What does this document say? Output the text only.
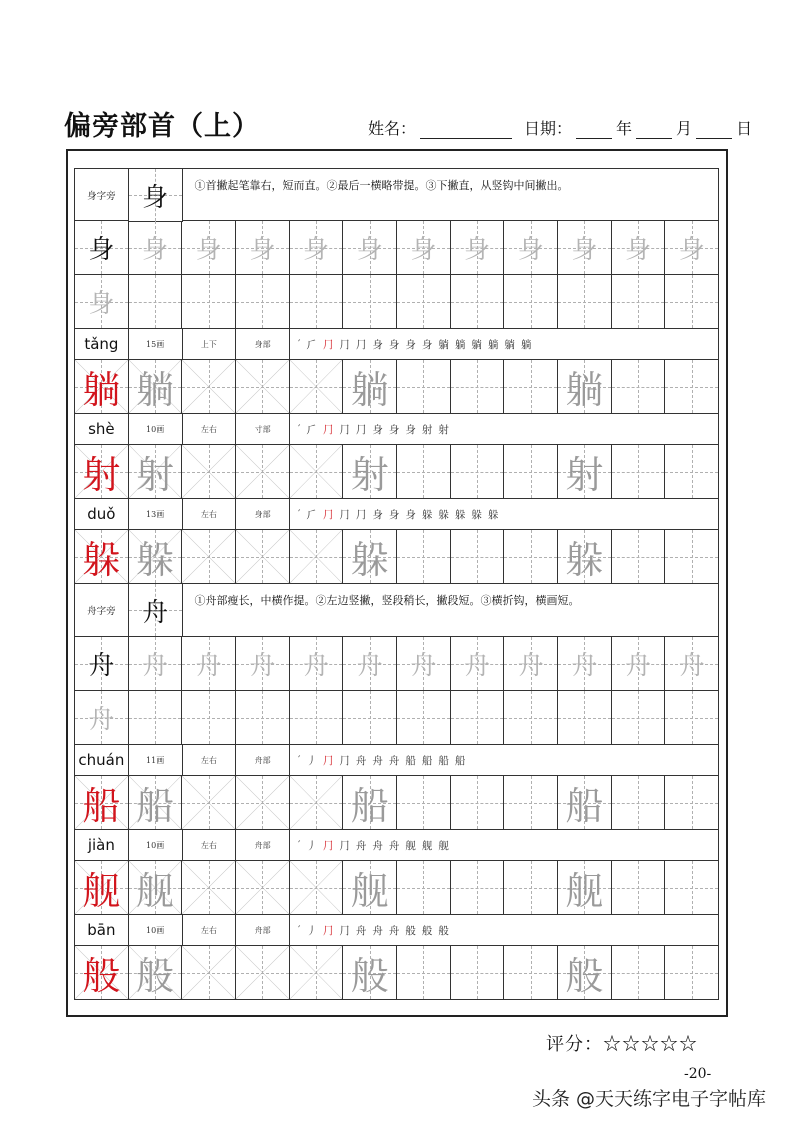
偏旁部首（上）	姓名：	日期：	年	月	日
身字旁	身	①首撇起笔靠右，短而直。②最后一横略带提。③下撇直，从竖钩中间撇出。
身	身	身	身	身	身	身	身	身	身	身	身
身
tǎng	15画	上下	身部	′ ⺁ ⺆ ⺆ ⺆ 身 身 身 身 躺 躺 躺 躺 躺 躺
躺 躺	躺	躺
shè	10画	左右	寸部	′ ⺁ ⺆ ⺆ ⺆ 身 身 身 射 射
射 射	射	射
duǒ	13画	左右	身部	′ ⺁ ⺆ ⺆ ⺆ 身 身 身 躲 躲 躲 躲 躲
躲 躲	躲	躲
舟字旁	舟	①舟部瘦长，中横作提。②左边竖撇，竖段稍长，撇段短。③横折钩，横画短。
舟	舟	舟	舟	舟	舟	舟	舟	舟	舟	舟	舟
舟
chuán	11画	左右	舟部	′ 丿 ⺆ ⺆ 舟 舟 舟 船 船 船 船
船 船	船	船
jiàn	10画	左右	舟部	′ 丿 ⺆ ⺆ 舟 舟 舟 舰 舰 舰
舰 舰	舰	舰
bān	10画	左右	舟部	′ 丿 ⺆ ⺆ 舟 舟 舟 般 般 般
般 般	般	般
评分：☆☆☆☆☆
-20-
头条 @天天练字电子字帖库
